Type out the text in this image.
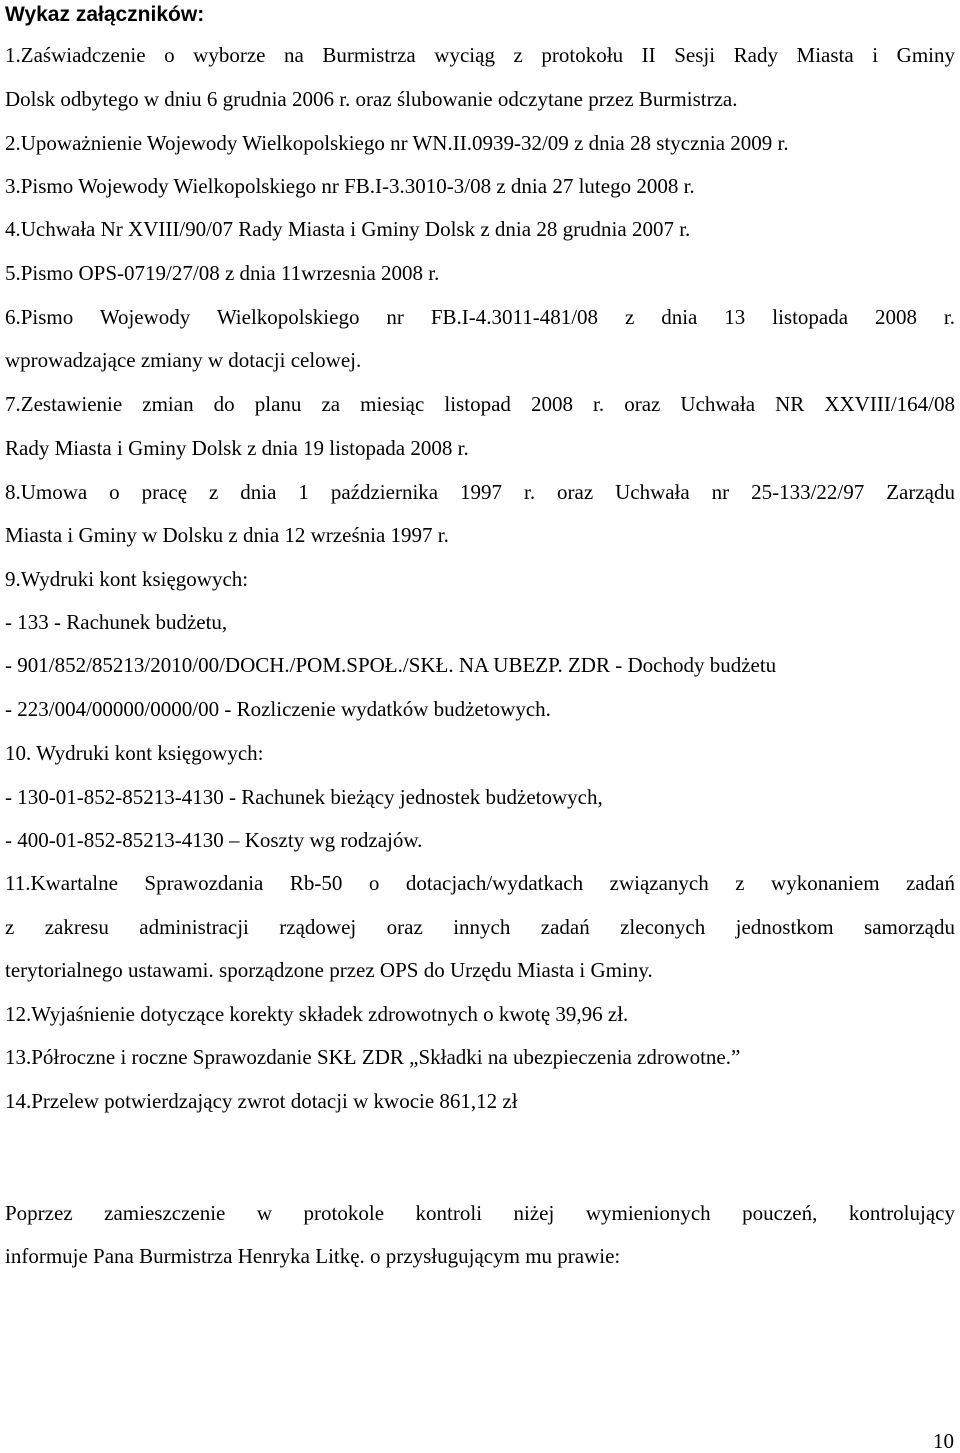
Wykaz załączników:
1.Zaświadczenie o wyborze na Burmistrza wyciąg z protokołu II Sesji Rady Miasta i Gminy
Dolsk odbytego w dniu 6 grudnia 2006 r. oraz ślubowanie odczytane przez Burmistrza.
2.Upoważnienie Wojewody Wielkopolskiego nr WN.II.0939-32/09 z dnia 28 stycznia 2009 r.
3.Pismo Wojewody Wielkopolskiego nr FB.I-3.3010-3/08 z dnia 27 lutego 2008 r.
4.Uchwała Nr XVIII/90/07 Rady Miasta i Gminy Dolsk z dnia 28 grudnia 2007 r.
5.Pismo OPS-0719/27/08 z dnia 11wrzesnia 2008 r.
6.Pismo Wojewody Wielkopolskiego nr FB.I-4.3011-481/08 z dnia 13 listopada 2008 r.
wprowadzające zmiany w dotacji celowej.
7.Zestawienie zmian do planu za miesiąc listopad 2008 r. oraz Uchwała NR XXVIII/164/08
Rady Miasta i Gminy Dolsk z dnia 19 listopada 2008 r.
8.Umowa o pracę z dnia 1 października 1997 r. oraz Uchwała nr 25-133/22/97 Zarządu
Miasta i Gminy w Dolsku z dnia 12 września 1997 r.
9.Wydruki kont księgowych:
- 133 - Rachunek budżetu,
- 901/852/85213/2010/00/DOCH./POM.SPOŁ./SKŁ. NA UBEZP. ZDR - Dochody budżetu
- 223/004/00000/0000/00 - Rozliczenie wydatków budżetowych.
10. Wydruki kont księgowych:
- 130-01-852-85213-4130 - Rachunek bieżący jednostek budżetowych,
- 400-01-852-85213-4130 – Koszty wg rodzajów.
11.Kwartalne Sprawozdania Rb-50 o dotacjach/wydatkach związanych z wykonaniem zadań
z zakresu administracji rządowej oraz innych zadań zleconych jednostkom samorządu
terytorialnego ustawami. sporządzone przez OPS do Urzędu Miasta i Gminy.
12.Wyjaśnienie dotyczące korekty składek zdrowotnych o kwotę 39,96 zł.
13.Półroczne i roczne Sprawozdanie SKŁ ZDR „Składki na ubezpieczenia zdrowotne.”
14.Przelew potwierdzający zwrot dotacji w kwocie 861,12 zł
Poprzez zamieszczenie w protokole kontroli niżej wymienionych pouczeń, kontrolujący
informuje Pana Burmistrza Henryka Litkę. o przysługującym mu prawie:
10
